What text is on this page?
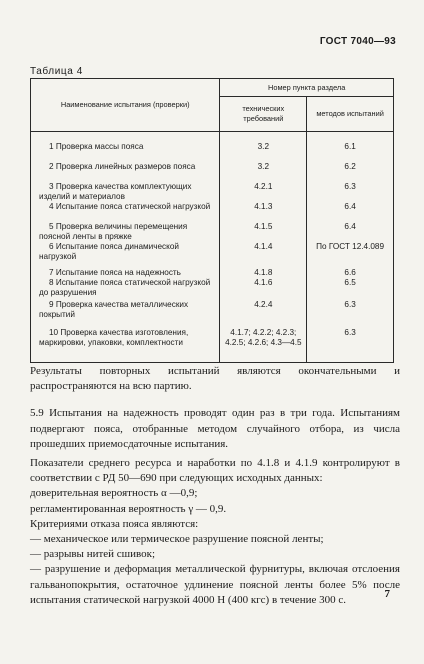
ГОСТ 7040—93
Таблица 4
Наименование испытания (проверки)	Номер пункта раздела	
	технических требований	методов испытаний
1 Проверка массы пояса	3.2	6.1
2 Проверка линейных размеров пояса	3.2	6.2
3 Проверка качества комплектующих изделий и материалов	4.2.1	6.3
4 Испытание пояса статической нагрузкой	4.1.3	6.4
5 Проверка величины перемещения поясной ленты в пряжке	4.1.5	6.4
6 Испытание пояса динамической нагрузкой	4.1.4	По ГОСТ 12.4.089
7 Испытание пояса на надежность	4.1.8	6.6
8 Испытание пояса статической нагрузкой до разрушения	4.1.6	6.5
9 Проверка качества металлических покрытий	4.2.4	6.3
10 Проверка качества изготовления, маркировки, упаковки, комплектности	4.1.7; 4.2.2; 4.2.3; 4.2.5; 4.2.6; 4.3—4.5	6.3

Результаты повторных испытаний являются окончательными и распространяются на всю партию.

5.9 Испытания на надежность проводят один раз в три года. Испытаниям подвергают пояса, отобранные методом случайного отбора, из числа прошедших приемосдаточные испытания.

Показатели среднего ресурса и наработки по 4.1.8 и 4.1.9 контролируют в соответствии с РД 50—690 при следующих исходных данных:

доверительная вероятность α —0,9;

регламентированная вероятность γ — 0,9.

Критериями отказа пояса являются:

— механическое или термическое разрушение поясной ленты;

— разрывы нитей сшивок;

— разрушение и деформация металлической фурнитуры, включая отслоения гальванопокрытия, остаточное удлинение поясной ленты более 5% после испытания статической нагрузкой 4000 Н (400 кгс) в течение 300 с.	7
